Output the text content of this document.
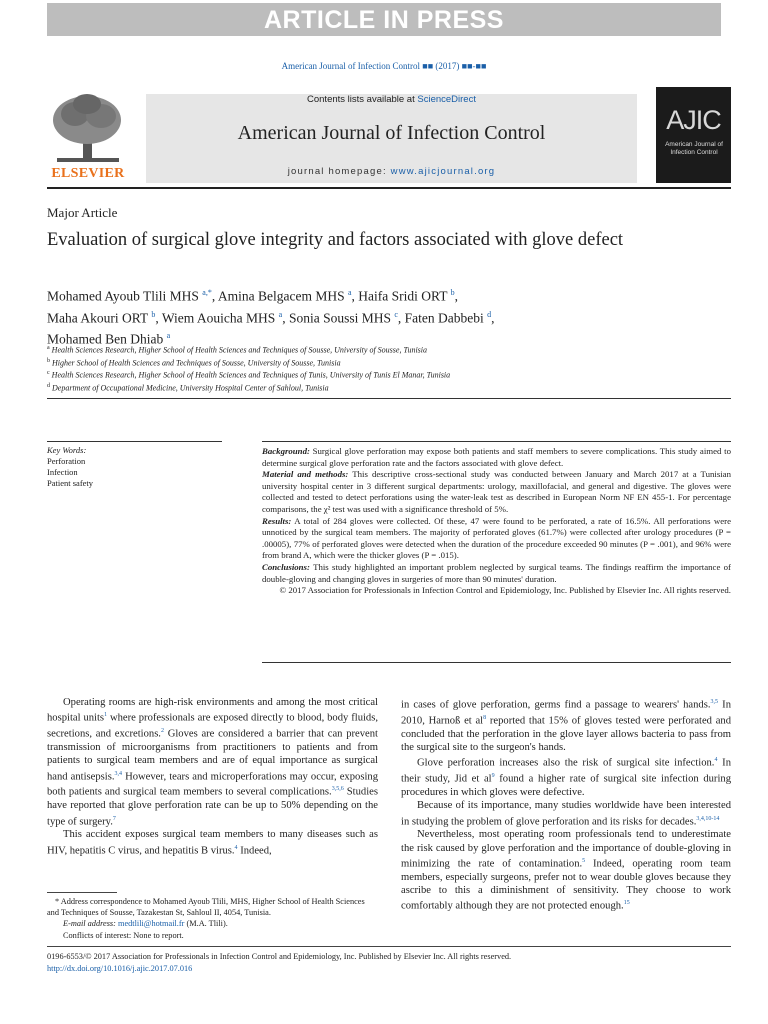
ARTICLE IN PRESS
American Journal of Infection Control ■■ (2017) ■■-■■
ELSEVIER
Contents lists available at ScienceDirect
American Journal of Infection Control
journal homepage: www.ajicjournal.org
AJIC
American Journal of Infection Control
Major Article
Evaluation of surgical glove integrity and factors associated with glove defect
Mohamed Ayoub Tlili MHS $^{a,*}$, Amina Belgacem MHS $^a$, Haifa Sridi ORT $^b$,
Maha Akouri ORT $^b$, Wiem Aouicha MHS $^a$, Sonia Soussi MHS $^c$, Faten Dabbebi $^d$,
Mohamed Ben Dhiab $^a$
$^a$ Health Sciences Research, Higher School of Health Sciences and Techniques of Sousse, University of Sousse, Tunisia
$^b$ Higher School of Health Sciences and Techniques of Sousse, University of Sousse, Tunisia
$^c$ Health Sciences Research, Higher School of Health Sciences and Techniques of Tunis, University of Tunis El Manar, Tunisia
$^d$ Department of Occupational Medicine, University Hospital Center of Sahloul, Tunisia
Key Words:
Perforation
Infection
Patient safety

Background: Surgical glove perforation may expose both patients and staff members to severe complications. This study aimed to determine surgical glove perforation rate and the factors associated with glove defect.

Material and methods: This descriptive cross-sectional study was conducted between January and March 2017 at a Tunisian university hospital center in 3 different surgical departments: urology, maxillofacial, and general and digestive. The gloves were collected and tested to detect perforations using the water-leak test as described in European Norm NF EN 455-1. For percentage comparisons, the χ² test was used with a significance threshold of 5%.

Results: A total of 284 gloves were collected. Of these, 47 were found to be perforated, a rate of 16.5%. All perforations were unnoticed by the surgical team members. The majority of perforated gloves (61.7%) were collected after urology procedures (P = .00005), 77% of perforated gloves were detected when the duration of the procedure exceeded 90 minutes (P = .001), and 96% were from brand A, which were the thicker gloves (P = .015).

Conclusions: This study highlighted an important problem neglected by surgical teams. The findings reaffirm the importance of double-gloving and changing gloves in surgeries of more than 90 minutes' duration.

© 2017 Association for Professionals in Infection Control and Epidemiology, Inc. Published by Elsevier Inc. All rights reserved.

Operating rooms are high-risk environments and among the most critical hospital units$^1$ where professionals are exposed directly to blood, body fluids, secretions, and excretions.$^2$ Gloves are considered a barrier that can prevent transmission of microorganisms from practitioners to patients and from patients to surgical team members and are of equal importance as surgical hand antisepsis.$^{3,4}$ However, tears and microperforations may occur, exposing both patients and surgical team members to several complications.$^{3,5,6}$ Studies have reported that glove perforation rate can be up to 50% depending on the type of surgery.$^7$

This accident exposes surgical team members to many diseases such as HIV, hepatitis C virus, and hepatitis B virus.$^4$ Indeed,

in cases of glove perforation, germs find a passage to wearers' hands.$^{3,5}$ In 2010, Harnoß et $al^8$ reported that 15% of gloves tested were perforated and concluded that the perforation in the glove layer allows bacteria to pass from the surgical site to the surgeon's hands.

Glove perforation increases also the risk of surgical site infection.$^4$ In their study, Jid et $al^9$ found a higher rate of surgical site infection during procedures in which gloves were defective.

Because of its importance, many studies worldwide have been interested in studying the problem of glove perforation and its risks for decades.$^{3,4,10-14}$

Nevertheless, most operating room professionals tend to underestimate the risk caused by glove perforation and the importance of double-gloving in minimizing the rate of contamination.$^5$ Indeed, operating room team members, especially surgeons, prefer not to wear double gloves because they ascribe to this a diminishment of sensitivity. They choose to work comfortably although they are not protected enough.$^{15}$

* Address correspondence to Mohamed Ayoub Tlili, MHS, Higher School of Health Sciences and Techniques of Sousse, Tazakestan St, Sahloul II, 4054, Tunisia.
E-mail address: medtlili@hotmail.fr (M.A. Tlili).
Conflicts of interest: None to report.
0196-6553/© 2017 Association for Professionals in Infection Control and Epidemiology, Inc. Published by Elsevier Inc. All rights reserved.
http://dx.doi.org/10.1016/j.ajic.2017.07.016
